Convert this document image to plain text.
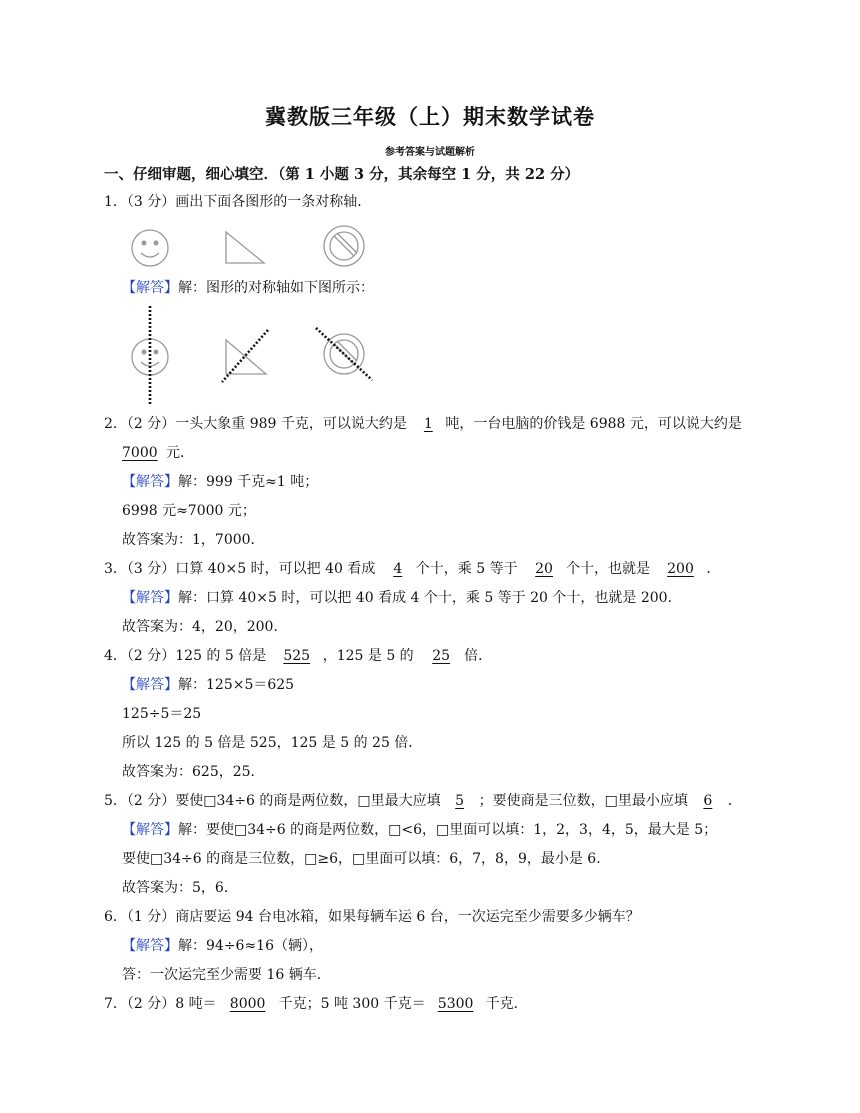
冀教版三年级（上）期末数学试卷
参考答案与试题解析
一、仔细审题，细心填空．（第 1 小题 3 分，其余每空 1 分，共 22 分）
1．（3 分）画出下面各图形的一条对称轴．
【解答】解：图形的对称轴如下图所示：
2．（2 分）一头大象重 989 千克，可以说大约是 1 吨，一台电脑的价钱是 6988 元，可以说大约是
7000 元．
【解答】解：999 千克≈1 吨；
6998 元≈7000 元；
故答案为：1，7000．
3．（3 分）口算 40×5 时，可以把 40 看成 4 个十，乘 5 等于 20 个十，也就是 200 ．
【解答】解：口算 40×5 时，可以把 40 看成 4 个十，乘 5 等于 20 个十，也就是 200．
故答案为：4，20，200．
4．（2 分）125 的 5 倍是 525 ，125 是 5 的 25 倍．
【解答】解：125×5＝625
125÷5＝25
所以 125 的 5 倍是 525，125 是 5 的 25 倍．
故答案为：625，25．
5．（2 分）要使□34÷6 的商是两位数，□里最大应填 5 ；要使商是三位数，□里最小应填 6 ．
【解答】解：要使□34÷6 的商是两位数，□<6，□里面可以填：1，2，3，4，5，最大是 5；
要使□34÷6 的商是三位数，□≥6，□里面可以填：6，7，8，9，最小是 6．
故答案为：5，6．
6．（1 分）商店要运 94 台电冰箱，如果每辆车运 6 台，一次运完至少需要多少辆车？
【解答】解：94÷6≈16（辆），
答：一次运完至少需要 16 辆车．
7．（2 分）8 吨＝ 8000 千克；5 吨 300 千克＝ 5300 千克．
